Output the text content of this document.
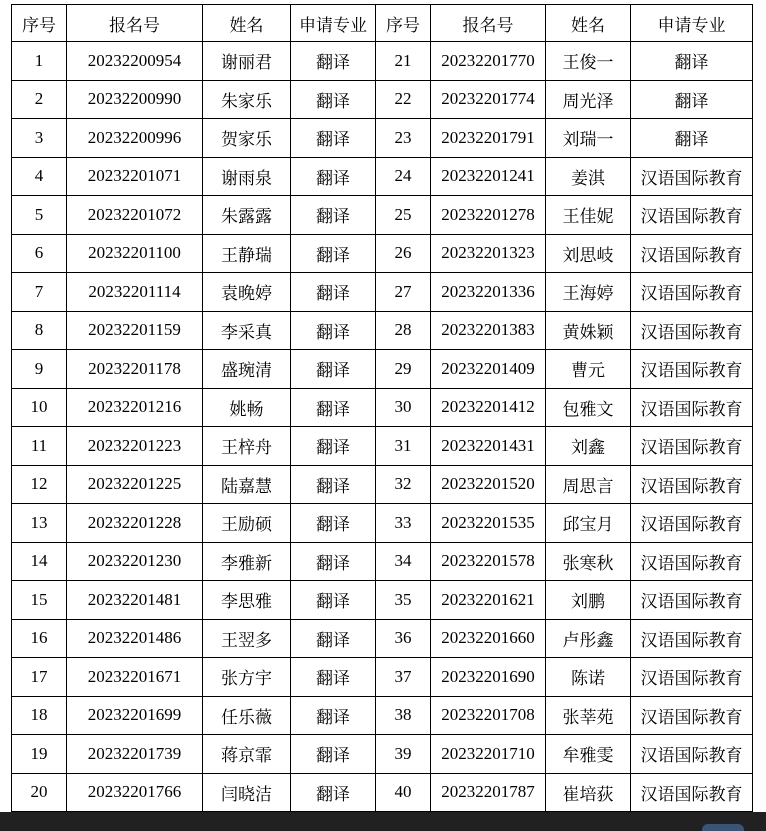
序号	报名号	姓名	申请专业	序号	报名号	姓名	申请专业
1	20232200954	谢丽君	翻译	21	20232201770	王俊一	翻译
2	20232200990	朱家乐	翻译	22	20232201774	周光泽	翻译
3	20232200996	贺家乐	翻译	23	20232201791	刘瑞一	翻译
4	20232201071	谢雨泉	翻译	24	20232201241	姜淇	汉语国际教育
5	20232201072	朱露露	翻译	25	20232201278	王佳妮	汉语国际教育
6	20232201100	王静瑞	翻译	26	20232201323	刘思岐	汉语国际教育
7	20232201114	袁晚婷	翻译	27	20232201336	王海婷	汉语国际教育
8	20232201159	李采真	翻译	28	20232201383	黄姝颖	汉语国际教育
9	20232201178	盛琬清	翻译	29	20232201409	曹元	汉语国际教育
10	20232201216	姚畅	翻译	30	20232201412	包雅文	汉语国际教育
11	20232201223	王梓舟	翻译	31	20232201431	刘鑫	汉语国际教育
12	20232201225	陆嘉慧	翻译	32	20232201520	周思言	汉语国际教育
13	20232201228	王励硕	翻译	33	20232201535	邱宝月	汉语国际教育
14	20232201230	李雅新	翻译	34	20232201578	张寒秋	汉语国际教育
15	20232201481	李思雅	翻译	35	20232201621	刘鹏	汉语国际教育
16	20232201486	王翌多	翻译	36	20232201660	卢彤鑫	汉语国际教育
17	20232201671	张方宇	翻译	37	20232201690	陈诺	汉语国际教育
18	20232201699	任乐薇	翻译	38	20232201708	张莘苑	汉语国际教育
19	20232201739	蒋京霏	翻译	39	20232201710	牟雅雯	汉语国际教育
20	20232201766	闫晓洁	翻译	40	20232201787	崔培荻	汉语国际教育
